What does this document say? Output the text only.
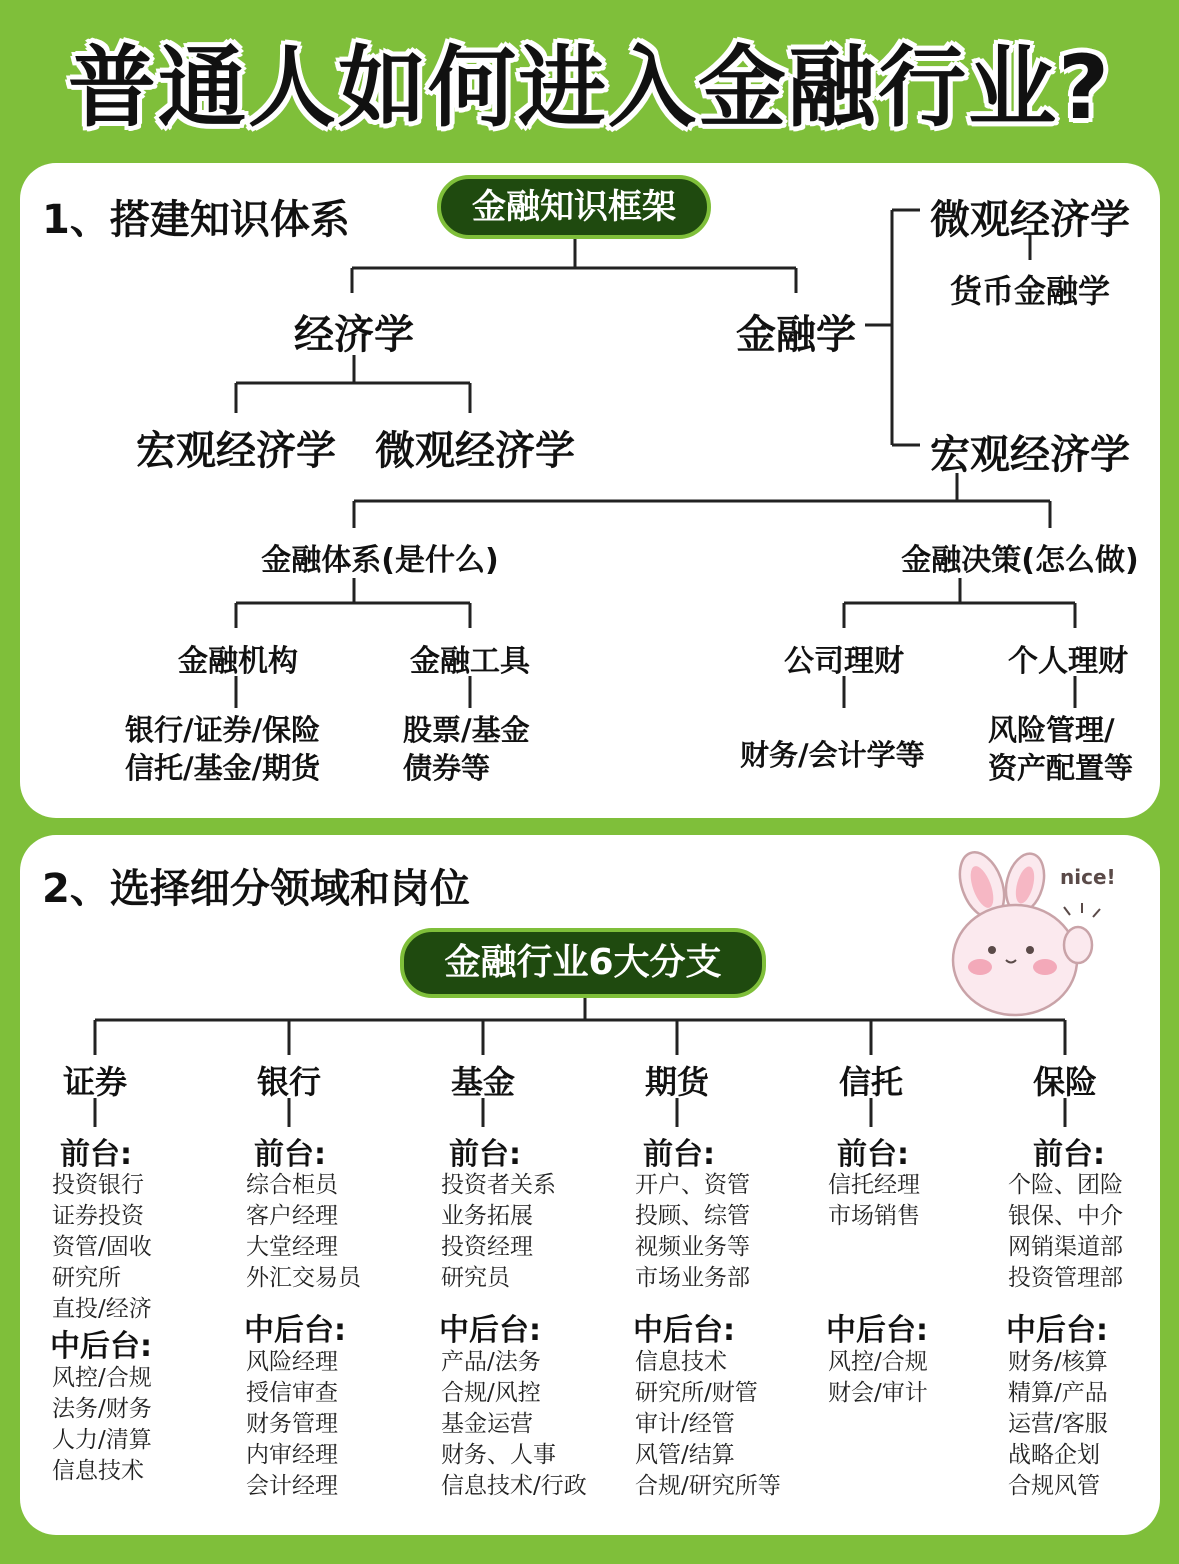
普通人如何进入金融行业?
1、搭建知识体系	金融知识框架
经济学
宏观经济学 微观经济学
金融学
微观经济学
货币金融学
宏观经济学
金融体系(是什么)	金融决策(怎么做)
金融机构	金融工具	公司理财	个人理财
银行/证券/保险
信托/基金/期货
股票/基金
债券等	财务/会计学等
风险管理/
资产配置等
2、选择细分领域和岗位	nice!
金融行业6大分支
证券
前台:
投资银行
证券投资
资管/固收
研究所
直投/经济
中后台:
风控/合规
法务/财务
人力/清算
信息技术
银行
前台:
综合柜员
客户经理
大堂经理
外汇交易员
中后台:
风险经理
授信审查
财务管理
内审经理
会计经理
基金
前台:
投资者关系
业务拓展
投资经理
研究员
中后台:
产品/法务
合规/风控
基金运营
财务、人事
信息技术/行政
期货
前台:
开户、资管
投顾、综管
视频业务等
市场业务部
中后台:
信息技术
研究所/财管
审计/经管
风管/结算
合规/研究所等
信托
前台:
信托经理
市场销售
中后台:
风控/合规
财会/审计
保险
前台:
个险、团险
银保、中介
网销渠道部
投资管理部
中后台:
财务/核算
精算/产品
运营/客服
战略企划
合规风管
